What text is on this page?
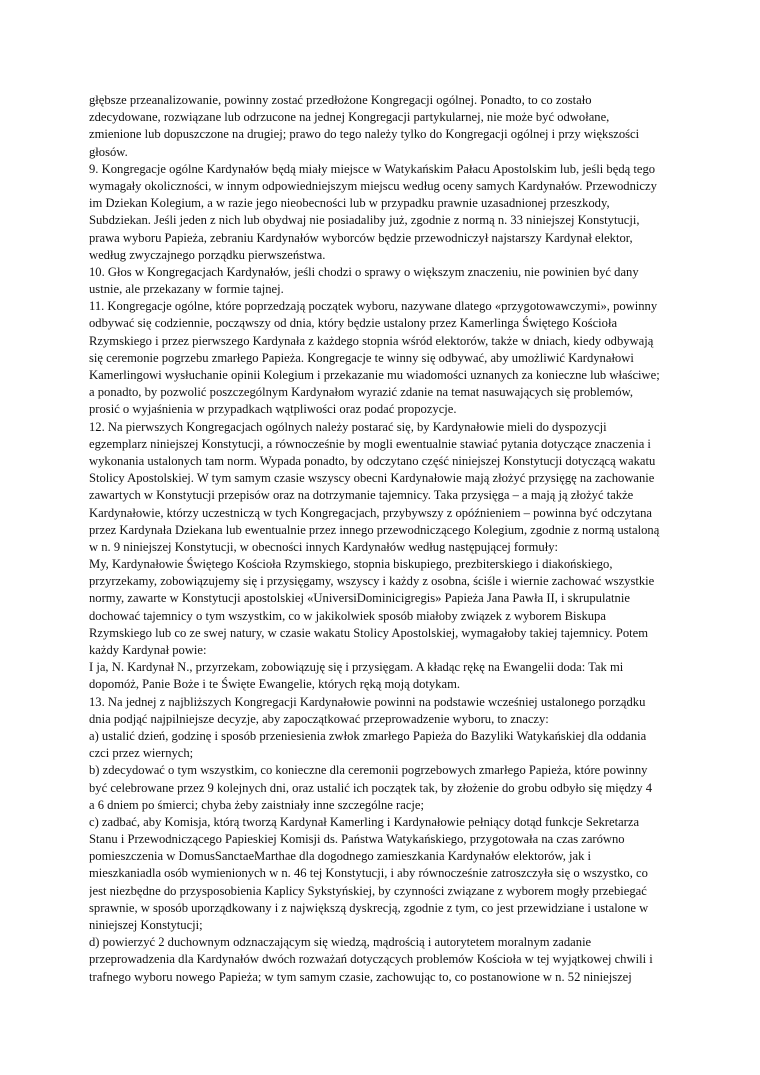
głębsze przeanalizowanie, powinny zostać przedłożone Kongregacji ogólnej. Ponadto, to co zostało
zdecydowane, rozwiązane lub odrzucone na jednej Kongregacji partykularnej, nie może być odwołane,
zmienione lub dopuszczone na drugiej; prawo do tego należy tylko do Kongregacji ogólnej i przy większości
głosów.
9. Kongregacje ogólne Kardynałów będą miały miejsce w Watykańskim Pałacu Apostolskim lub, jeśli będą tego
wymagały okoliczności, w innym odpowiedniejszym miejscu według oceny samych Kardynałów. Przewodniczy
im Dziekan Kolegium, a w razie jego nieobecności lub w przypadku prawnie uzasadnionej przeszkody,
Subdziekan. Jeśli jeden z nich lub obydwaj nie posiadaliby już, zgodnie z normą n. 33 niniejszej Konstytucji,
prawa wyboru Papieża, zebraniu Kardynałów wyborców będzie przewodniczył najstarszy Kardynał elektor,
według zwyczajnego porządku pierwszeństwa.
10. Głos w Kongregacjach Kardynałów, jeśli chodzi o sprawy o większym znaczeniu, nie powinien być dany
ustnie, ale przekazany w formie tajnej.
11. Kongregacje ogólne, które poprzedzają początek wyboru, nazywane dlatego «przygotowawczymi», powinny
odbywać się codziennie, począwszy od dnia, który będzie ustalony przez Kamerlinga Świętego Kościoła
Rzymskiego i przez pierwszego Kardynała z każdego stopnia wśród elektorów, także w dniach, kiedy odbywają
się ceremonie pogrzebu zmarłego Papieża. Kongregacje te winny się odbywać, aby umożliwić Kardynałowi
Kamerlingowi wysłuchanie opinii Kolegium i przekazanie mu wiadomości uznanych za konieczne lub właściwe;
a ponadto, by pozwolić poszczególnym Kardynałom wyrazić zdanie na temat nasuwających się problemów,
prosić o wyjaśnienia w przypadkach wątpliwości oraz podać propozycje.
12. Na pierwszych Kongregacjach ogólnych należy postarać się, by Kardynałowie mieli do dyspozycji
egzemplarz niniejszej Konstytucji, a równocześnie by mogli ewentualnie stawiać pytania dotyczące znaczenia i
wykonania ustalonych tam norm. Wypada ponadto, by odczytano część niniejszej Konstytucji dotyczącą wakatu
Stolicy Apostolskiej. W tym samym czasie wszyscy obecni Kardynałowie mają złożyć przysięgę na zachowanie
zawartych w Konstytucji przepisów oraz na dotrzymanie tajemnicy. Taka przysięga – a mają ją złożyć także
Kardynałowie, którzy uczestniczą w tych Kongregacjach, przybywszy z opóźnieniem – powinna być odczytana
przez Kardynała Dziekana lub ewentualnie przez innego przewodniczącego Kolegium, zgodnie z normą ustaloną
w n. 9 niniejszej Konstytucji, w obecności innych Kardynałów według następującej formuły:
My, Kardynałowie Świętego Kościoła Rzymskiego, stopnia biskupiego, prezbiterskiego i diakońskiego,
przyrzekamy, zobowiązujemy się i przysięgamy, wszyscy i każdy z osobna, ściśle i wiernie zachować wszystkie
normy, zawarte w Konstytucji apostolskiej «UniversiDominicigregis» Papieża Jana Pawła II, i skrupulatnie
dochować tajemnicy o tym wszystkim, co w jakikolwiek sposób miałoby związek z wyborem Biskupa
Rzymskiego lub co ze swej natury, w czasie wakatu Stolicy Apostolskiej, wymagałoby takiej tajemnicy. Potem
każdy Kardynał powie:
I ja, N. Kardynał N., przyrzekam, zobowiązuję się i przysięgam. A kładąc rękę na Ewangelii doda: Tak mi
dopomóż, Panie Boże i te Święte Ewangelie, których ręką moją dotykam.
13. Na jednej z najbliższych Kongregacji Kardynałowie powinni na podstawie wcześniej ustalonego porządku
dnia podjąć najpilniejsze decyzje, aby zapoczątkować przeprowadzenie wyboru, to znaczy:
a) ustalić dzień, godzinę i sposób przeniesienia zwłok zmarłego Papieża do Bazyliki Watykańskiej dla oddania
czci przez wiernych;
b) zdecydować o tym wszystkim, co konieczne dla ceremonii pogrzebowych zmarłego Papieża, które powinny
być celebrowane przez 9 kolejnych dni, oraz ustalić ich początek tak, by złożenie do grobu odbyło się między 4
a 6 dniem po śmierci; chyba żeby zaistniały inne szczególne racje;
c) zadbać, aby Komisja, którą tworzą Kardynał Kamerling i Kardynałowie pełniący dotąd funkcje Sekretarza
Stanu i Przewodniczącego Papieskiej Komisji ds. Państwa Watykańskiego, przygotowała na czas zarówno
pomieszczenia w DomusSanctaeMarthae dla dogodnego zamieszkania Kardynałów elektorów, jak i
mieszkaniadla osób wymienionych w n. 46 tej Konstytucji, i aby równocześnie zatroszczyła się o wszystko, co
jest niezbędne do przysposobienia Kaplicy Sykstyńskiej, by czynności związane z wyborem mogły przebiegać
sprawnie, w sposób uporządkowany i z największą dyskrecją, zgodnie z tym, co jest przewidziane i ustalone w
niniejszej Konstytucji;
d) powierzyć 2 duchownym odznaczającym się wiedzą, mądrością i autorytetem moralnym zadanie
przeprowadzenia dla Kardynałów dwóch rozważań dotyczących problemów Kościoła w tej wyjątkowej chwili i
trafnego wyboru nowego Papieża; w tym samym czasie, zachowując to, co postanowione w n. 52 niniejszej
